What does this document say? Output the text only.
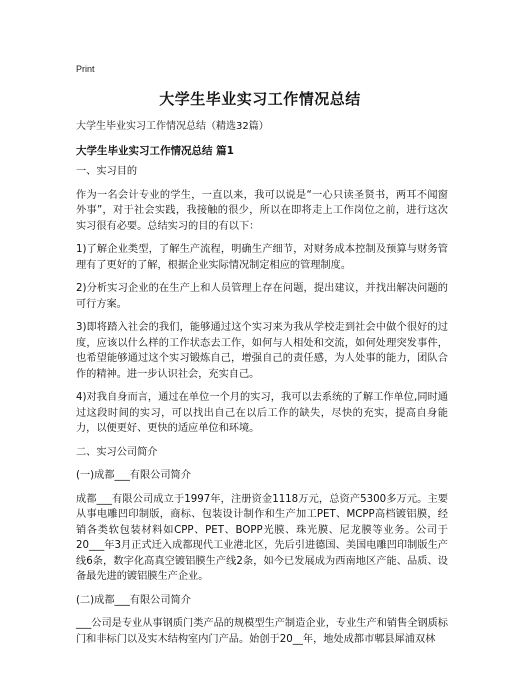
Print
大学生毕业实习工作情况总结
大学生毕业实习工作情况总结（精选32篇）
大学生毕业实习工作情况总结 篇1

一、实习目的

作为一名会计专业的学生，一直以来，我可以说是“一心只读圣贤书，两耳不闻窗外事”，对于社会实践，我接触的很少，所以在即将走上工作岗位之前，进行这次实习很有必要。总结实习的目的有以下：

1)了解企业类型，了解生产流程，明确生产细节，对财务成本控制及预算与财务管理有了更好的了解，根据企业实际情况制定相应的管理制度。

2)分析实习企业的在生产上和人员管理上存在问题，提出建议，并找出解决问题的可行方案。

3)即将踏入社会的我们，能够通过这个实习来为我从学校走到社会中做个很好的过度，应该以什么样的工作状态去工作，如何与人相处和交流，如何处理突发事件，也希望能够通过这个实习锻炼自己，增强自己的责任感，为人处事的能力，团队合作的精神。进一步认识社会，充实自己。

4)对我自身而言，通过在单位一个月的实习，我可以去系统的了解工作单位,同时通过这段时间的实习，可以找出自己在以后工作的缺失，尽快的充实，提高自身能力，以便更好、更快的适应单位和环境。

二、实习公司简介

(一)成都___有限公司简介

成都___有限公司成立于1997年，注册资金1118万元，总资产5300多万元。主要从事电雕凹印制版，商标、包装设计制作和生产加工PET、MCPP高档镀铝膜，经销各类软包装材料如CPP、PET、BOPP光膜、珠光膜、尼龙膜等业务。公司于20___年3月正式迁入成都现代工业港北区，先后引进德国、美国电雕凹印制版生产线6条，数字化高真空镀铝膜生产线2条，如今已发展成为西南地区产能、品质、设备最先进的镀铝膜生产企业。

(二)成都___有限公司简介

___公司是专业从事钢质门类产品的规模型生产制造企业，专业生产和销售全钢质标门和非标门以及实木结构室内门产品。始创于20__年，地处成都市郫县犀浦双林
